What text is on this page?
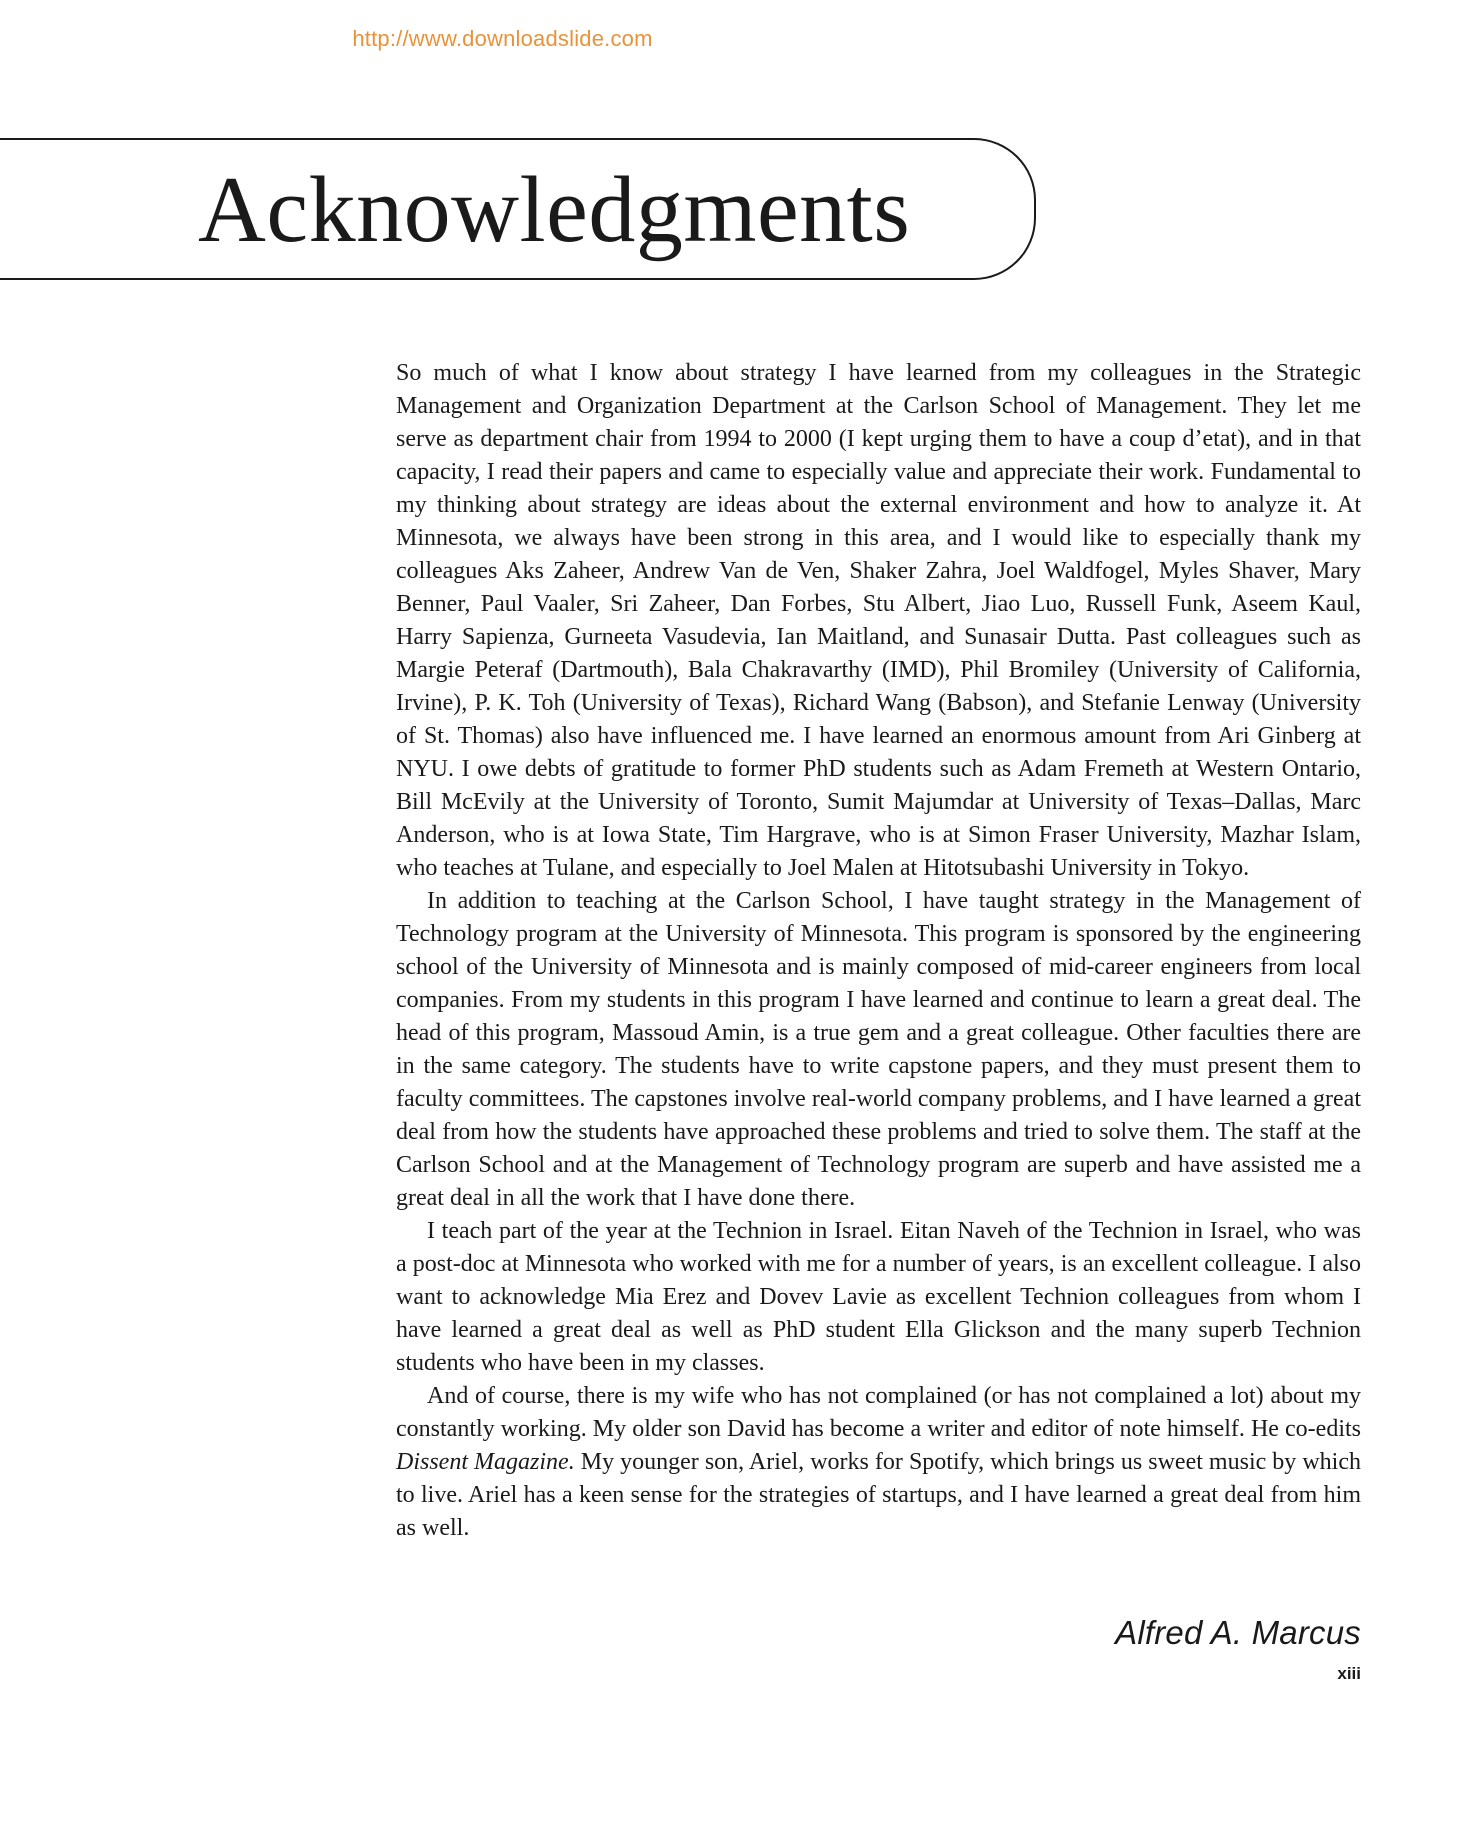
http://www.downloadslide.com
Acknowledgments

So much of what I know about strategy I have learned from my colleagues in the Strategic Management and Organization Department at the Carlson School of Management. They let me serve as department chair from 1994 to 2000 (I kept urging them to have a coup d’etat), and in that capacity, I read their papers and came to especially value and appreciate their work. Fundamental to my thinking about strategy are ideas about the external environment and how to analyze it. At Minnesota, we always have been strong in this area, and I would like to especially thank my colleagues Aks Zaheer, Andrew Van de Ven, Shaker Zahra, Joel Waldfogel, Myles Shaver, Mary Benner, Paul Vaaler, Sri Zaheer, Dan Forbes, Stu Albert, Jiao Luo, Russell Funk, Aseem Kaul, Harry Sapienza, Gurneeta Vasudevia, Ian Maitland, and Sunasair Dutta. Past colleagues such as Margie Peteraf (Dartmouth), Bala Chakravarthy (IMD), Phil Bromiley (University of California, Irvine), P. K. Toh (University of Texas), Richard Wang (Babson), and Stefanie Lenway (University of St. Thomas) also have influenced me. I have learned an enormous amount from Ari Ginberg at NYU. I owe debts of gratitude to former PhD students such as Adam Fremeth at Western Ontario, Bill McEvily at the University of Toronto, Sumit Majumdar at University of Texas–Dallas, Marc Anderson, who is at Iowa State, Tim Hargrave, who is at Simon Fraser University, Mazhar Islam, who teaches at Tulane, and especially to Joel Malen at Hitotsubashi University in Tokyo.

In addition to teaching at the Carlson School, I have taught strategy in the Management of Technology program at the University of Minnesota. This program is sponsored by the engineering school of the University of Minnesota and is mainly composed of mid-career engineers from local companies. From my students in this program I have learned and continue to learn a great deal. The head of this program, Massoud Amin, is a true gem and a great colleague. Other faculties there are in the same category. The students have to write capstone papers, and they must present them to faculty committees. The capstones involve real-world company problems, and I have learned a great deal from how the students have approached these problems and tried to solve them. The staff at the Carlson School and at the Management of Technology program are superb and have assisted me a great deal in all the work that I have done there.

I teach part of the year at the Technion in Israel. Eitan Naveh of the Technion in Israel, who was a post-doc at Minnesota who worked with me for a number of years, is an excellent colleague. I also want to acknowledge Mia Erez and Dovev Lavie as excellent Technion colleagues from whom I have learned a great deal as well as PhD student Ella Glickson and the many superb Technion students who have been in my classes.

And of course, there is my wife who has not complained (or has not complained a lot) about my constantly working. My older son David has become a writer and editor of note himself. He co-edits Dissent Magazine. My younger son, Ariel, works for Spotify, which brings us sweet music by which to live. Ariel has a keen sense for the strategies of startups, and I have learned a great deal from him as well.

Alfred A. Marcus
xiii
